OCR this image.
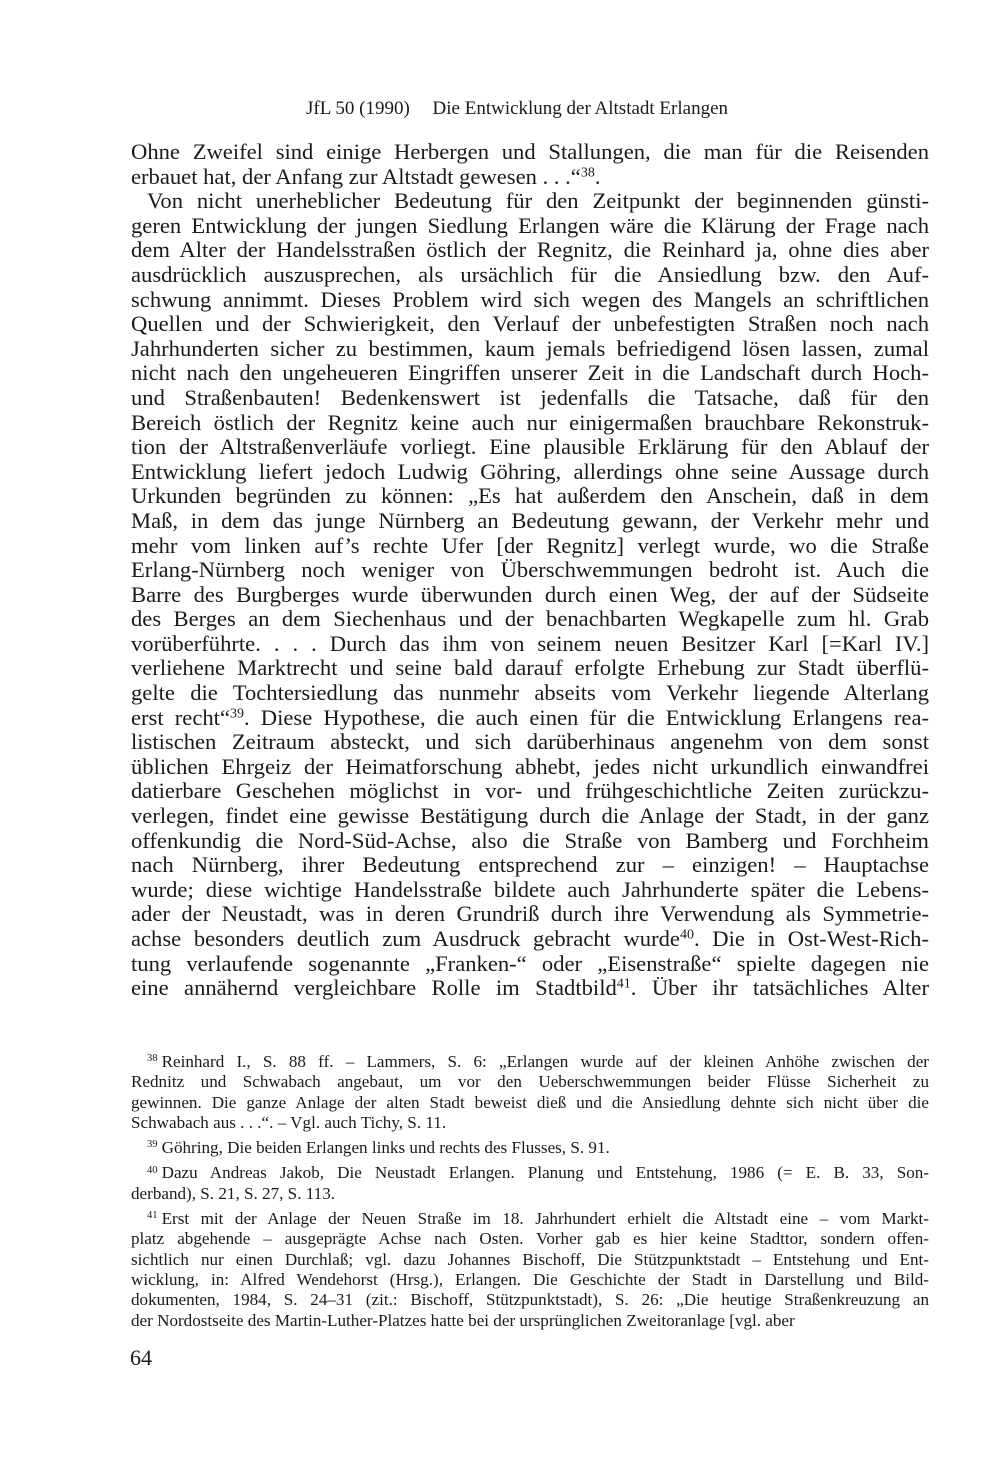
JfL 50 (1990) Die Entwicklung der Altstadt Erlangen
Ohne Zweifel sind einige Herbergen und Stallungen, die man für die Reisenden
erbauet hat, der Anfang zur Altstadt gewesen . . .“$^{38}$.
Von nicht unerheblicher Bedeutung für den Zeitpunkt der beginnenden günsti-
geren Entwicklung der jungen Siedlung Erlangen wäre die Klärung der Frage nach
dem Alter der Handelsstraßen östlich der Regnitz, die Reinhard ja, ohne dies aber
ausdrücklich auszusprechen, als ursächlich für die Ansiedlung bzw. den Auf-
schwung annimmt. Dieses Problem wird sich wegen des Mangels an schriftlichen
Quellen und der Schwierigkeit, den Verlauf der unbefestigten Straßen noch nach
Jahrhunderten sicher zu bestimmen, kaum jemals befriedigend lösen lassen, zumal
nicht nach den ungeheueren Eingriffen unserer Zeit in die Landschaft durch Hoch-
und Straßenbauten! Bedenkenswert ist jedenfalls die Tatsache, daß für den
Bereich östlich der Regnitz keine auch nur einigermaßen brauchbare Rekonstruk-
tion der Altstraßenverläufe vorliegt. Eine plausible Erklärung für den Ablauf der
Entwicklung liefert jedoch Ludwig Göhring, allerdings ohne seine Aussage durch
Urkunden begründen zu können: „Es hat außerdem den Anschein, daß in dem
Maß, in dem das junge Nürnberg an Bedeutung gewann, der Verkehr mehr und
mehr vom linken auf’s rechte Ufer [der Regnitz] verlegt wurde, wo die Straße
Erlang-Nürnberg noch weniger von Überschwemmungen bedroht ist. Auch die
Barre des Burgberges wurde überwunden durch einen Weg, der auf der Südseite
des Berges an dem Siechenhaus und der benachbarten Wegkapelle zum hl. Grab
vorüberführte. . . . Durch das ihm von seinem neuen Besitzer Karl [=Karl IV.]
verliehene Marktrecht und seine bald darauf erfolgte Erhebung zur Stadt überflü-
gelte die Tochtersiedlung das nunmehr abseits vom Verkehr liegende Alterlang
erst recht“$^{39}$. Diese Hypothese, die auch einen für die Entwicklung Erlangens rea-
listischen Zeitraum absteckt, und sich darüberhinaus angenehm von dem sonst
üblichen Ehrgeiz der Heimatforschung abhebt, jedes nicht urkundlich einwandfrei
datierbare Geschehen möglichst in vor- und frühgeschichtliche Zeiten zurückzu-
verlegen, findet eine gewisse Bestätigung durch die Anlage der Stadt, in der ganz
offenkundig die Nord-Süd-Achse, also die Straße von Bamberg und Forchheim
nach Nürnberg, ihrer Bedeutung entsprechend zur – einzigen! – Hauptachse
wurde; diese wichtige Handelsstraße bildete auch Jahrhunderte später die Lebens-
ader der Neustadt, was in deren Grundriß durch ihre Verwendung als Symmetrie-
achse besonders deutlich zum Ausdruck gebracht wurde$^{40}$. Die in Ost-West-Rich-
tung verlaufende sogenannte „Franken-“ oder „Eisenstraße“ spielte dagegen nie
eine annähernd vergleichbare Rolle im Stadtbild$^{41}$. Über ihr tatsächliches Alter
$^{38}$ Reinhard I., S. 88 ff. – Lammers, S. 6: „Erlangen wurde auf der kleinen Anhöhe zwischen der
Rednitz und Schwabach angebaut, um vor den Ueberschwemmungen beider Flüsse Sicherheit zu
gewinnen. Die ganze Anlage der alten Stadt beweist dieß und die Ansiedlung dehnte sich nicht über die
Schwabach aus . . .“. – Vgl. auch Tichy, S. 11.
$^{39}$ Göhring, Die beiden Erlangen links und rechts des Flusses, S. 91.
$^{40}$ Dazu Andreas Jakob, Die Neustadt Erlangen. Planung und Entstehung, 1986 (= E. B. 33, Son-
derband), S. 21, S. 27, S. 113.
$^{41}$ Erst mit der Anlage der Neuen Straße im 18. Jahrhundert erhielt die Altstadt eine – vom Markt-
platz abgehende – ausgeprägte Achse nach Osten. Vorher gab es hier keine Stadttor, sondern offen-
sichtlich nur einen Durchlaß; vgl. dazu Johannes Bischoff, Die Stützpunktstadt – Entstehung und Ent-
wicklung, in: Alfred Wendehorst (Hrsg.), Erlangen. Die Geschichte der Stadt in Darstellung und Bild-
dokumenten, 1984, S. 24–31 (zit.: Bischoff, Stützpunktstadt), S. 26: „Die heutige Straßenkreuzung an
der Nordostseite des Martin-Luther-Platzes hatte bei der ursprünglichen Zweitoranlage [vgl. aber
64
